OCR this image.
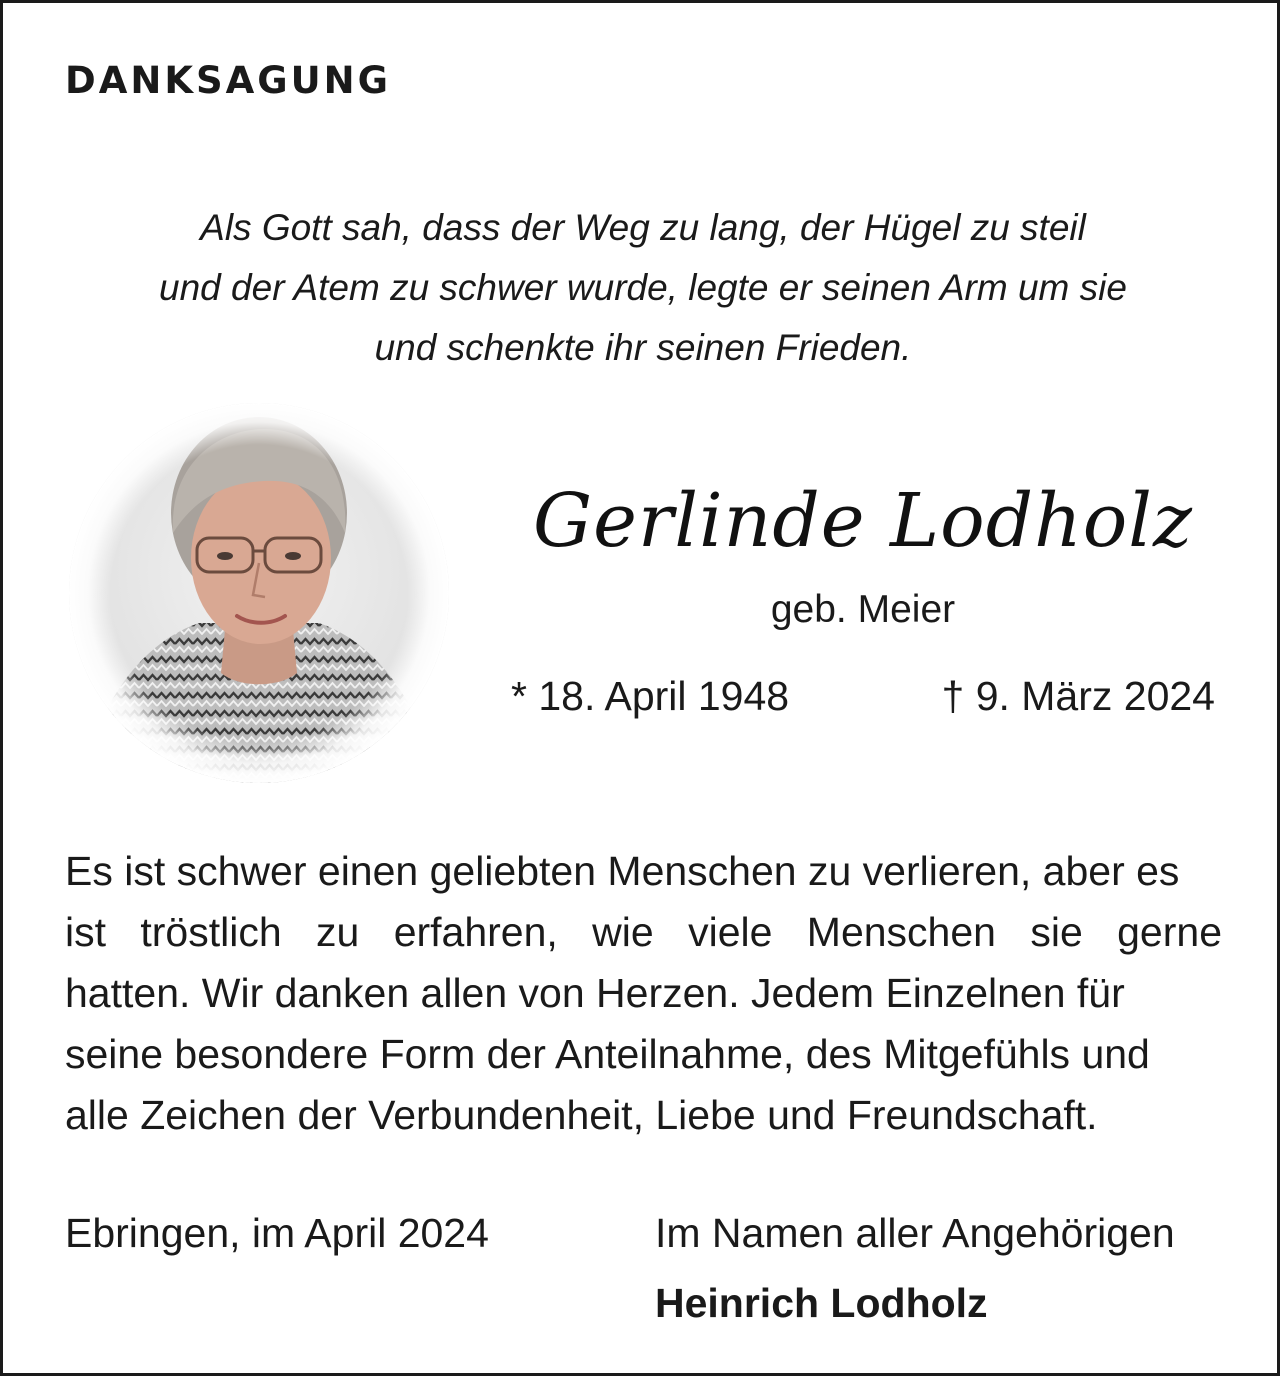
DANKSAGUNG
Als Gott sah, dass der Weg zu lang, der Hügel zu steil
und der Atem zu schwer wurde, legte er seinen Arm um sie
und schenkte ihr seinen Frieden.
Gerlinde Lodholz
geb. Meier
* 18. April 1948	† 9. März 2024
Es ist schwer einen geliebten Menschen zu verlieren, aber es
ist tröstlich zu erfahren, wie viele Menschen sie gerne
hatten. Wir danken allen von Herzen. Jedem Einzelnen für
seine besondere Form der Anteilnahme, des Mitgefühls und
alle Zeichen der Verbundenheit, Liebe und Freundschaft.
Ebringen, im April 2024	Im Namen aller Angehörigen
Heinrich Lodholz
